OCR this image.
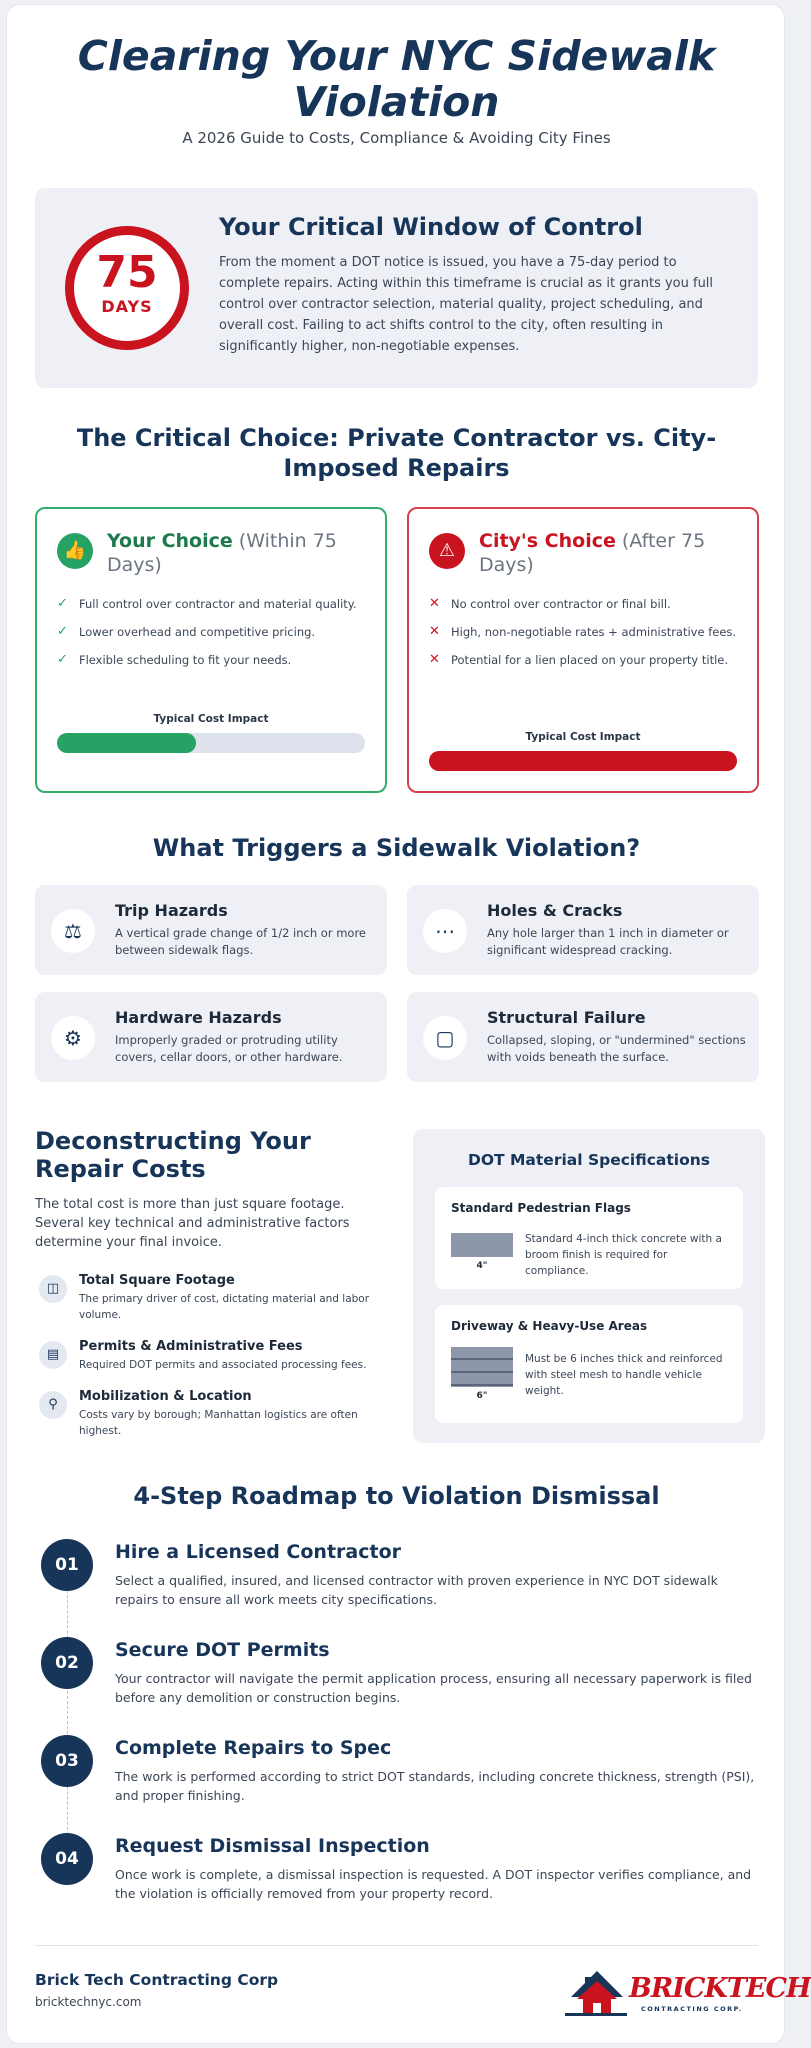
Clearing Your NYC Sidewalk Violation
A 2026 Guide to Costs, Compliance & Avoiding City Fines
75
DAYS
Your Critical Window of Control
From the moment a DOT notice is issued, you have a 75-day period to complete repairs. Acting within this timeframe is crucial as it grants you full control over contractor selection, material quality, project scheduling, and overall cost. Failing to act shifts control to the city, often resulting in significantly higher, non-negotiable expenses.
The Critical Choice: Private Contractor vs. City-Imposed Repairs
👍	Your Choice (Within 75 Days)
✓ Full control over contractor and material quality.
✓ Lower overhead and competitive pricing.
✓ Flexible scheduling to fit your needs.
Typical Cost Impact
⚠	City's Choice (After 75 Days)
✕ No control over contractor or final bill.
✕ High, non-negotiable rates + administrative fees.
✕ Potential for a lien placed on your property title.
Typical Cost Impact
What Triggers a Sidewalk Violation?
⚖
Trip Hazards
A vertical grade change of 1/2 inch or more between sidewalk flags.
⋯
Holes & Cracks
Any hole larger than 1 inch in diameter or significant widespread cracking.
⚙
Hardware Hazards
Improperly graded or protruding utility covers, cellar doors, or other hardware.
▢
Structural Failure
Collapsed, sloping, or "undermined" sections with voids beneath the surface.
Deconstructing Your Repair Costs
The total cost is more than just square footage. Several key technical and administrative factors determine your final invoice.
◫
Total Square Footage
The primary driver of cost, dictating material and labor volume.
▤
Permits & Administrative Fees
Required DOT permits and associated processing fees.
⚲
Mobilization & Location
Costs vary by borough; Manhattan logistics are often highest.
DOT Material Specifications
Standard Pedestrian Flags
4"
Standard 4-inch thick concrete with a broom finish is required for compliance.
Driveway & Heavy-Use Areas
6"
Must be 6 inches thick and reinforced with steel mesh to handle vehicle weight.
4-Step Roadmap to Violation Dismissal
01
Hire a Licensed Contractor
Select a qualified, insured, and licensed contractor with proven experience in NYC DOT sidewalk repairs to ensure all work meets city specifications.
02
Secure DOT Permits
Your contractor will navigate the permit application process, ensuring all necessary paperwork is filed before any demolition or construction begins.
03
Complete Repairs to Spec
The work is performed according to strict DOT standards, including concrete thickness, strength (PSI), and proper finishing.
04
Request Dismissal Inspection
Once work is complete, a dismissal inspection is requested. A DOT inspector verifies compliance, and the violation is officially removed from your property record.
Brick Tech Contracting Corp
bricktechnyc.com	BRICKTECH
CONTRACTING CORP.
